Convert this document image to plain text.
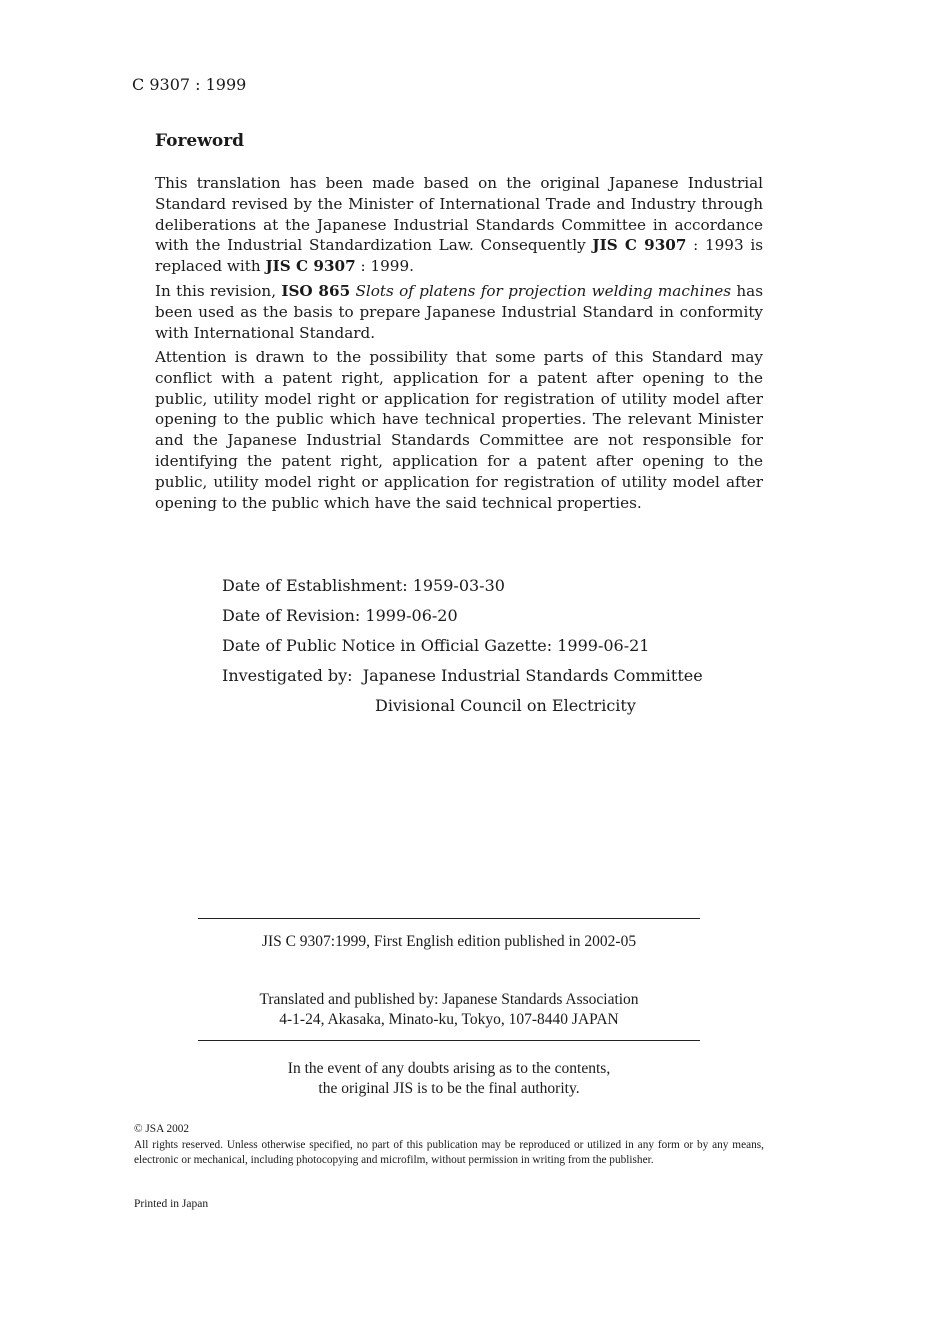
C 9307 : 1999
Foreword

This translation has been made based on the original Japanese Industrial Standard revised by the Minister of International Trade and Industry through deliberations at the Japanese Industrial Standards Committee in accordance with the Industrial Standardization Law. Consequently JIS C 9307 : 1993 is replaced with JIS C 9307 : 1999.

In this revision, ISO 865 Slots of platens for projection welding machines has been used as the basis to prepare Japanese Industrial Standard in conformity with International Standard.

Attention is drawn to the possibility that some parts of this Standard may conflict with a patent right, application for a patent after opening to the public, utility model right or application for registration of utility model after opening to the public which have technical properties. The relevant Minister and the Japanese Industrial Standards Committee are not responsible for identifying the patent right, application for a patent after opening to the public, utility model right or application for registration of utility model after opening to the public which have the said technical properties.

Date of Establishment: 1959-03-30
Date of Revision: 1999-06-20
Date of Public Notice in Official Gazette: 1999-06-21
Investigated by:  Japanese Industrial Standards Committee
Divisional Council on Electricity
JIS C 9307:1999, First English edition published in 2002-05
Translated and published by: Japanese Standards Association
4-1-24, Akasaka, Minato-ku, Tokyo, 107-8440 JAPAN
In the event of any doubts arising as to the contents,
the original JIS is to be the final authority.
© JSA 2002
All rights reserved. Unless otherwise specified, no part of this publication may be reproduced or utilized in any form or by any means, electronic or mechanical, including photocopying and microfilm, without permission in writing from the publisher.
Printed in Japan
